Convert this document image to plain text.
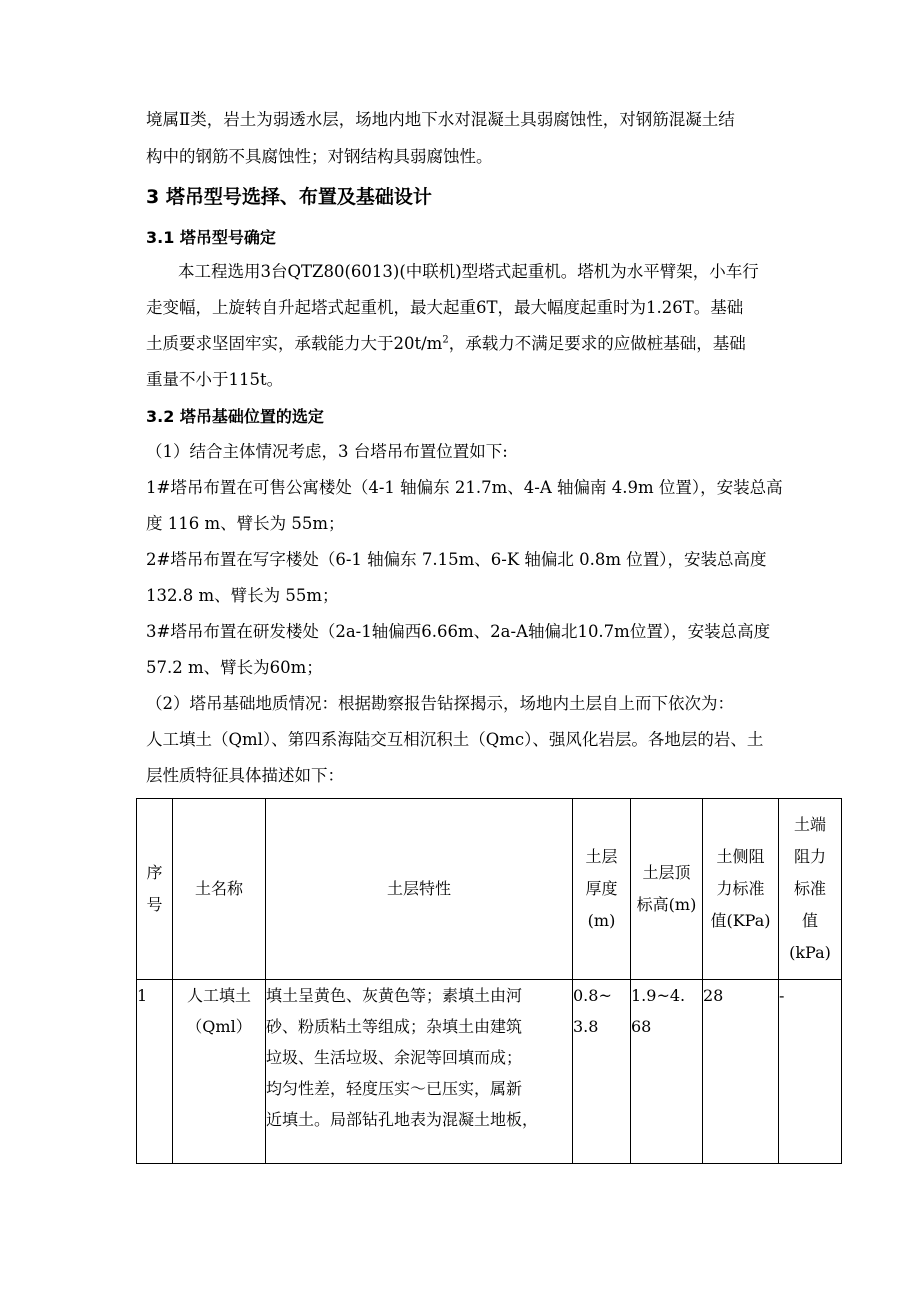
境属Ⅱ类，岩土为弱透水层，场地内地下水对混凝土具弱腐蚀性，对钢筋混凝土结

构中的钢筋不具腐蚀性；对钢结构具弱腐蚀性。

3 塔吊型号选择、布置及基础设计
3.1 塔吊型号确定

本工程选用3台QTZ80(6013)(中联机)型塔式起重机。塔机为水平臂架，小车行

走变幅，上旋转自升起塔式起重机，最大起重6T，最大幅度起重时为1.26T。基础

土质要求坚固牢实，承载能力大于$20t/m^2$，承载力不满足要求的应做桩基础，基础

重量不小于115t。

3.2 塔吊基础位置的选定

（1）结合主体情况考虑，3 台塔吊布置位置如下:

1#塔吊布置在可售公寓楼处（4-1 轴偏东 21.7m、4-A 轴偏南 4.9m 位置），安装总高

度 116 m、臂长为 55m；

2#塔吊布置在写字楼处（6-1 轴偏东 7.15m、6-K 轴偏北 0.8m 位置），安装总高度

132.8 m、臂长为 55m；

3#塔吊布置在研发楼处（2a-1轴偏西6.66m、2a-A轴偏北10.7m位置），安装总高度

57.2 m、臂长为60m；

（2）塔吊基础地质情况：根据勘察报告钻探揭示，场地内土层自上而下依次为：

人工填土（Qml）、第四系海陆交互相沉积土（Qmc）、强风化岩层。各地层的岩、土

层性质特征具体描述如下：

序
号	土名称	土层特性	土层
厚度
(m)	土层顶
标高(m)	土侧阻
力标准
值(KPa)	土端
阻力
标准
值
(kPa)

1	人工填土
（Qml）	填土呈黄色、灰黄色等；素填土由河
砂、粉质粘土等组成；杂填土由建筑
垃圾、生活垃圾、余泥等回填而成；
均匀性差，轻度压实～已压实，属新
近填土。局部钻孔地表为混凝土地板，	0.8~
3.8	1.9~4.
68	28	-
